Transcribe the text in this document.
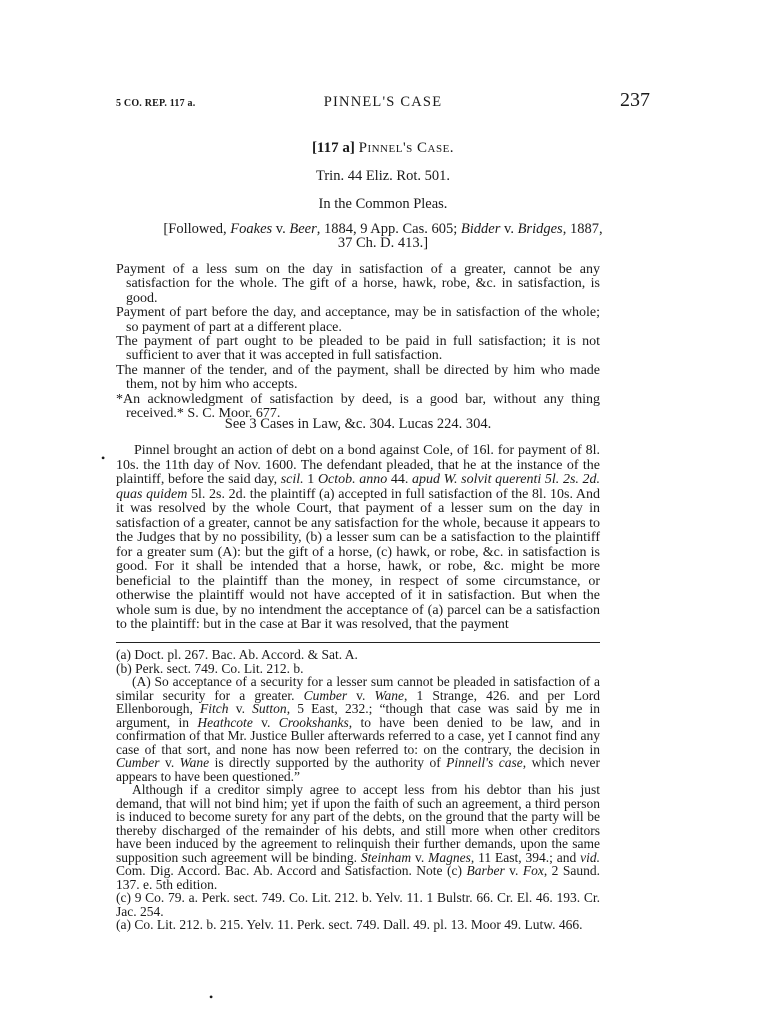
5 CO. REP. 117 a.	PINNEL'S CASE	237
[117 a] Pinnel's Case.
Trin. 44 Eliz. Rot. 501.
In the Common Pleas.
[Followed, Foakes v. Beer, 1884, 9 App. Cas. 605; Bidder v. Bridges, 1887,
37 Ch. D. 413.]

Payment of a less sum on the day in satisfaction of a greater, cannot be any satisfaction for the whole. The gift of a horse, hawk, robe, &c. in satisfaction, is good.

Payment of part before the day, and acceptance, may be in satisfaction of the whole; so payment of part at a different place.

The payment of part ought to be pleaded to be paid in full satisfaction; it is not sufficient to aver that it was accepted in full satisfaction.

The manner of the tender, and of the payment, shall be directed by him who made them, not by him who accepts.

*An acknowledgment of satisfaction by deed, is a good bar, without any thing received.* S. C. Moor. 677.

See 3 Cases in Law, &c. 304. Lucas 224. 304.
•	Pinnel brought an action of debt on a bond against Cole, of 16l. for payment of 8l. 10s. the 11th day of Nov. 1600. The defendant pleaded, that he at the instance of the plaintiff, before the said day, scil. 1 Octob. anno 44. apud W. solvit querenti 5l. 2s. 2d. quas quidem 5l. 2s. 2d. the plaintiff (a) accepted in full satisfaction of the 8l. 10s. And it was resolved by the whole Court, that payment of a lesser sum on the day in satisfaction of a greater, cannot be any satisfaction for the whole, because it appears to the Judges that by no possibility, (b) a lesser sum can be a satisfaction to the plaintiff for a greater sum (A): but the gift of a horse, (c) hawk, or robe, &c. in satisfaction is good. For it shall be intended that a horse, hawk, or robe, &c. might be more beneficial to the plaintiff than the money, in respect of some circumstance, or otherwise the plaintiff would not have accepted of it in satisfaction. But when the whole sum is due, by no intendment the acceptance of (a) parcel can be a satisfaction to the plaintiff: but in the case at Bar it was resolved, that the payment

(a) Doct. pl. 267. Bac. Ab. Accord. & Sat. A.

(b) Perk. sect. 749. Co. Lit. 212. b.

(A) So acceptance of a security for a lesser sum cannot be pleaded in satisfaction of a similar security for a greater. Cumber v. Wane, 1 Strange, 426. and per Lord Ellenborough, Fitch v. Sutton, 5 East, 232.; “though that case was said by me in argument, in Heathcote v. Crookshanks, to have been denied to be law, and in confirmation of that Mr. Justice Buller afterwards referred to a case, yet I cannot find any case of that sort, and none has now been referred to: on the contrary, the decision in Cumber v. Wane is directly supported by the authority of Pinnell's case, which never appears to have been questioned.”

Although if a creditor simply agree to accept less from his debtor than his just demand, that will not bind him; yet if upon the faith of such an agreement, a third person is induced to become surety for any part of the debts, on the ground that the party will be thereby discharged of the remainder of his debts, and still more when other creditors have been induced by the agreement to relinquish their further demands, upon the same supposition such agreement will be binding. Steinham v. Magnes, 11 East, 394.; and vid. Com. Dig. Accord. Bac. Ab. Accord and Satisfaction. Note (c) Barber v. Fox, 2 Saund. 137. e. 5th edition.

(c) 9 Co. 79. a. Perk. sect. 749. Co. Lit. 212. b. Yelv. 11. 1 Bulstr. 66. Cr. El. 46. 193. Cr. Jac. 254.

(a) Co. Lit. 212. b. 215. Yelv. 11. Perk. sect. 749. Dall. 49. pl. 13. Moor 49. Lutw. 466.

•
